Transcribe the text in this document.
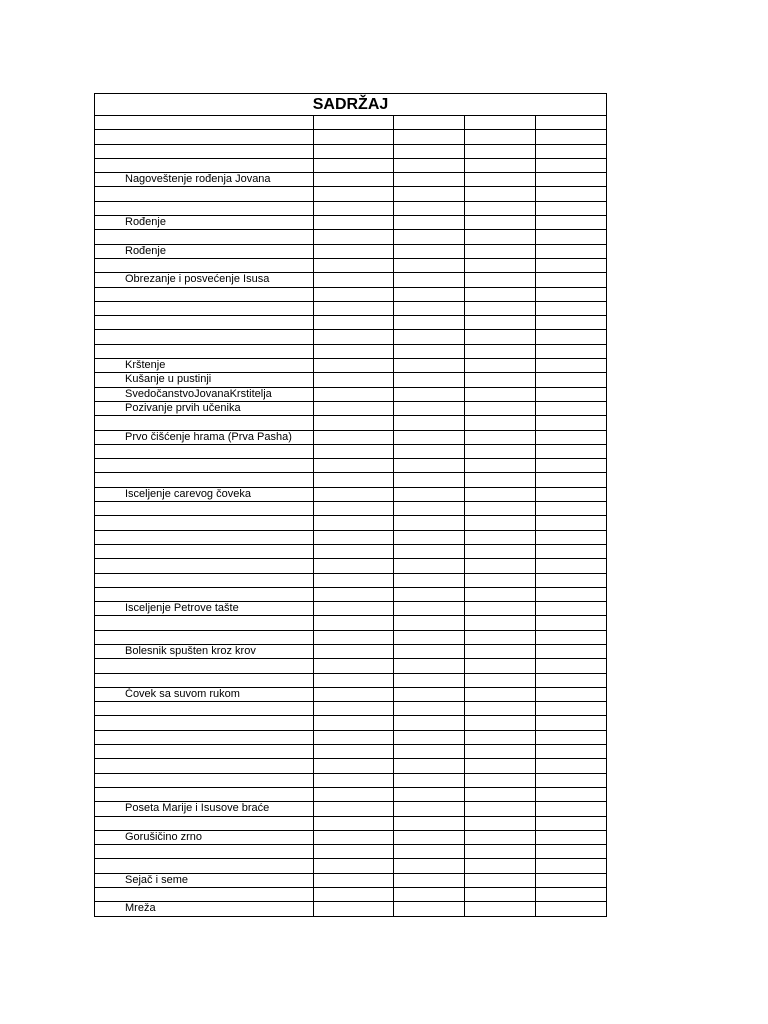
SADRŽAJ				

Nagoveštenje rođenja Jovana				

Rođenje				

Rođenje				

Obrezanje i posvećenje Isusa				

Krštenje				
Kušanje u pustinji				
SvedočanstvoJovanaKrstitelja				
Pozivanje prvih učenika				

Prvo čišćenje hrama (Prva Pasha)				

Isceljenje carevog čoveka				

Isceljenje Petrove tašte				

Bolesnik spušten kroz krov				

Čovek sa suvom rukom				

Poseta Marije i Isusove braće				

Gorušičino zrno				

Sejač i seme				

Mreža				
